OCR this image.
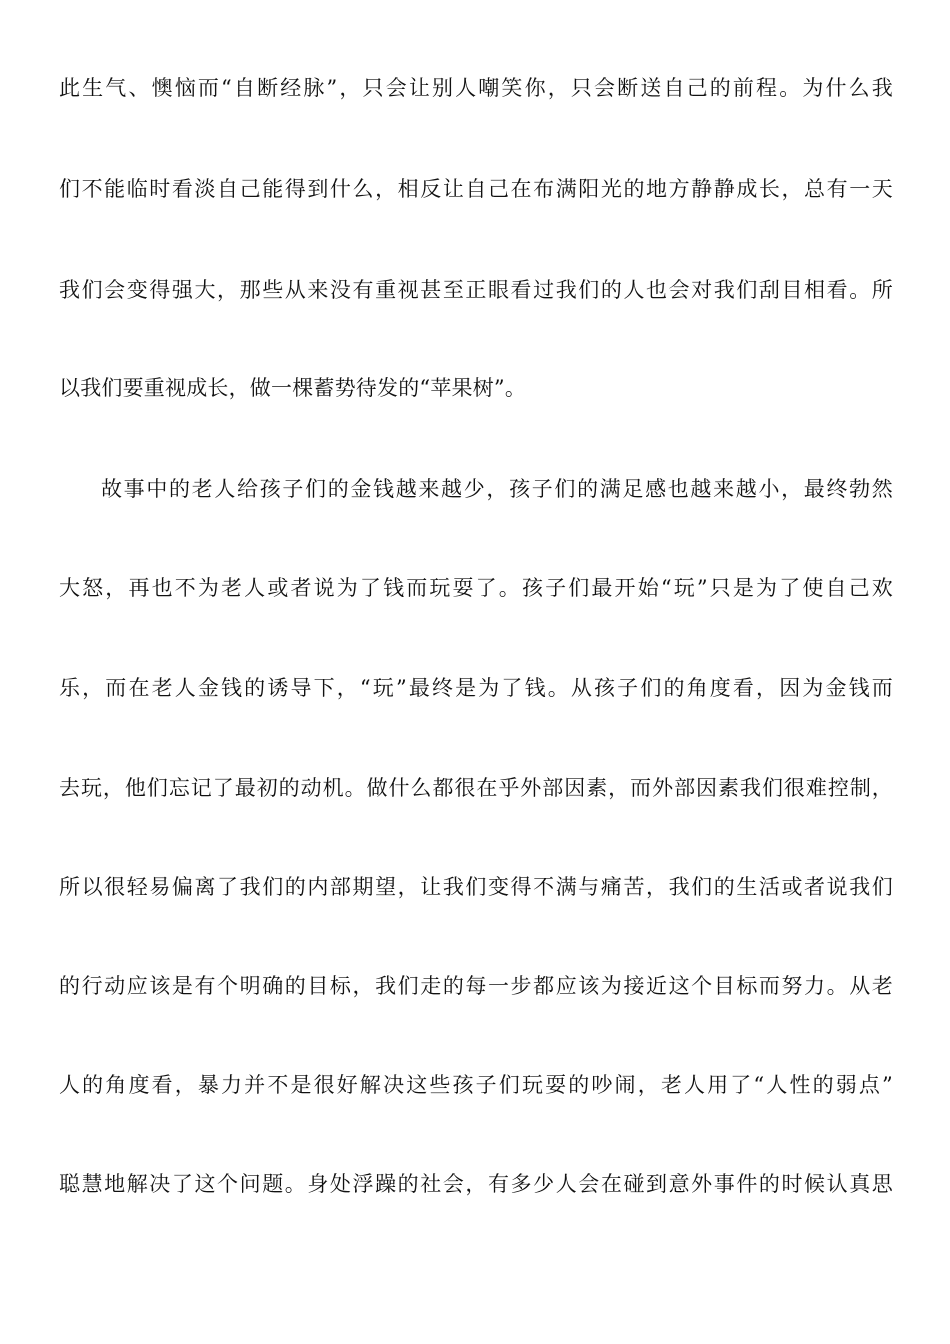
此生气、懊恼而“自断经脉”，只会让别人嘲笑你，只会断送自己的前程。为什么我
们不能临时看淡自己能得到什么，相反让自己在布满阳光的地方静静成长，总有一天
我们会变得强大，那些从来没有重视甚至正眼看过我们的人也会对我们刮目相看。所
以我们要重视成长，做一棵蓄势待发的“苹果树”。
故事中的老人给孩子们的金钱越来越少，孩子们的满足感也越来越小，最终勃然
大怒，再也不为老人或者说为了钱而玩耍了。孩子们最开始“玩”只是为了使自己欢
乐，而在老人金钱的诱导下，“玩”最终是为了钱。从孩子们的角度看，因为金钱而
去玩，他们忘记了最初的动机。做什么都很在乎外部因素，而外部因素我们很难控制，
所以很轻易偏离了我们的内部期望，让我们变得不满与痛苦，我们的生活或者说我们
的行动应该是有个明确的目标，我们走的每一步都应该为接近这个目标而努力。从老
人的角度看，暴力并不是很好解决这些孩子们玩耍的吵闹，老人用了“人性的弱点”
聪慧地解决了这个问题。身处浮躁的社会，有多少人会在碰到意外事件的时候认真思
